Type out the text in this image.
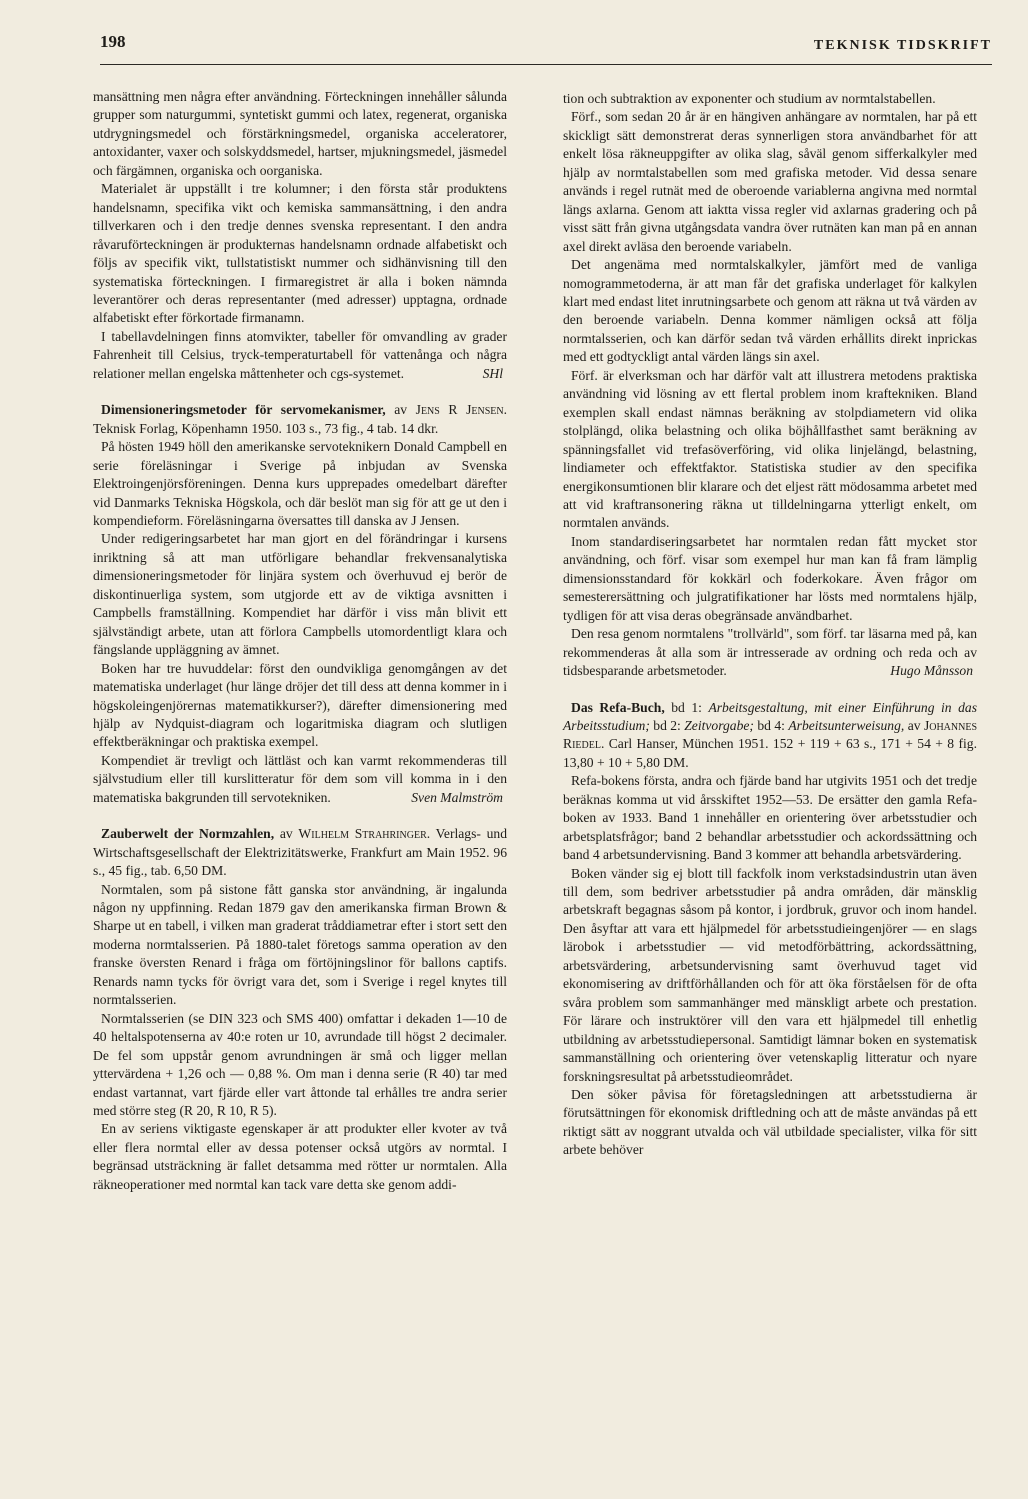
198	TEKNISK TIDSKRIFT

mansättning men några efter användning. Förteckningen innehåller sålunda grupper som naturgummi, syntetiskt gummi och latex, regenerat, organiska utdrygningsmedel och förstärkningsmedel, organiska acceleratorer, antoxidanter, vaxer och solskyddsmedel, hartser, mjukningsmedel, jäsmedel och färgämnen, organiska och oorganiska.

Materialet är uppställt i tre kolumner; i den första står produktens handelsnamn, specifika vikt och kemiska sammansättning, i den andra tillverkaren och i den tredje dennes svenska representant. I den andra råvaruförteckningen är produkternas handelsnamn ordnade alfabetiskt och följs av specifik vikt, tullstatistiskt nummer och sidhänvisning till den systematiska förteckningen. I firmaregistret är alla i boken nämnda leverantörer och deras representanter (med adresser) upptagna, ordnade alfabetiskt efter förkortade firmanamn.

I tabellavdelningen finns atomvikter, tabeller för omvandling av grader Fahrenheit till Celsius, tryck-temperaturtabell för vattenånga och några relationer mellan engelska måttenheter och cgs-systemet.	SHl

Dimensioneringsmetoder för servomekanismer, av Jens R Jensen. Teknisk Forlag, Köpenhamn 1950. 103 s., 73 fig., 4 tab. 14 dkr.

På hösten 1949 höll den amerikanske servoteknikern Donald Campbell en serie föreläsningar i Sverige på inbjudan av Svenska Elektroingenjörsföreningen. Denna kurs upprepades omedelbart därefter vid Danmarks Tekniska Högskola, och där beslöt man sig för att ge ut den i kompendieform. Föreläsningarna översattes till danska av J Jensen.

Under redigeringsarbetet har man gjort en del förändringar i kursens inriktning så att man utförligare behandlar frekvensanalytiska dimensioneringsmetoder för linjära system och överhuvud ej berör de diskontinuerliga system, som utgjorde ett av de viktiga avsnitten i Campbells framställning. Kompendiet har därför i viss mån blivit ett självständigt arbete, utan att förlora Campbells utomordentligt klara och fängslande uppläggning av ämnet.

Boken har tre huvuddelar: först den oundvikliga genomgången av det matematiska underlaget (hur länge dröjer det till dess att denna kommer in i högskoleingenjörernas matematikkurser?), därefter dimensionering med hjälp av Nydquist-diagram och logaritmiska diagram och slutligen effektberäkningar och praktiska exempel.

Kompendiet är trevligt och lättläst och kan varmt rekommenderas till självstudium eller till kurslitteratur för dem som vill komma in i den matematiska bakgrunden till servotekniken.	Sven Malmström

Zauberwelt der Normzahlen, av Wilhelm Strahringer. Verlags- und Wirtschaftsgesellschaft der Elektrizitätswerke, Frankfurt am Main 1952. 96 s., 45 fig., tab. 6,50 DM.

Normtalen, som på sistone fått ganska stor användning, är ingalunda någon ny uppfinning. Redan 1879 gav den amerikanska firman Brown & Sharpe ut en tabell, i vilken man graderat tråddiametrar efter i stort sett den moderna normtalsserien. På 1880-talet företogs samma operation av den franske översten Renard i fråga om förtöjningslinor för ballons captifs. Renards namn tycks för övrigt vara det, som i Sverige i regel knytes till normtalsserien.

Normtalsserien (se DIN 323 och SMS 400) omfattar i dekaden 1—10 de 40 heltalspotenserna av 40:e roten ur 10, avrundade till högst 2 decimaler. De fel som uppstår genom avrundningen är små och ligger mellan yttervärdena + 1,26 och — 0,88 %. Om man i denna serie (R 40) tar med endast vartannat, vart fjärde eller vart åttonde tal erhålles tre andra serier med större steg (R 20, R 10, R 5).

En av seriens viktigaste egenskaper är att produkter eller kvoter av två eller flera normtal eller av dessa potenser också utgörs av normtal. I begränsad utsträckning är fallet detsamma med rötter ur normtalen. Alla räkneoperationer med normtal kan tack vare detta ske genom addi-

tion och subtraktion av exponenter och studium av normtalstabellen.

Förf., som sedan 20 år är en hängiven anhängare av normtalen, har på ett skickligt sätt demonstrerat deras synnerligen stora användbarhet för att enkelt lösa räkneuppgifter av olika slag, såväl genom sifferkalkyler med hjälp av normtalstabellen som med grafiska metoder. Vid dessa senare används i regel rutnät med de oberoende variablerna angivna med normtal längs axlarna. Genom att iaktta vissa regler vid axlarnas gradering och på visst sätt från givna utgångsdata vandra över rutnäten kan man på en annan axel direkt avläsa den beroende variabeln.

Det angenäma med normtalskalkyler, jämfört med de vanliga nomogrammetoderna, är att man får det grafiska underlaget för kalkylen klart med endast litet inrutningsarbete och genom att räkna ut två värden av den beroende variabeln. Denna kommer nämligen också att följa normtalsserien, och kan därför sedan två värden erhållits direkt inprickas med ett godtyckligt antal värden längs sin axel.

Förf. är elverksman och har därför valt att illustrera metodens praktiska användning vid lösning av ett flertal problem inom kraftekniken. Bland exemplen skall endast nämnas beräkning av stolpdiametern vid olika stolplängd, olika belastning och olika böjhållfasthet samt beräkning av spänningsfallet vid trefasöverföring, vid olika linjelängd, belastning, lindiameter och effektfaktor. Statistiska studier av den specifika energikonsumtionen blir klarare och det eljest rätt mödosamma arbetet med att vid kraftransonering räkna ut tilldelningarna ytterligt enkelt, om normtalen används.

Inom standardiseringsarbetet har normtalen redan fått mycket stor användning, och förf. visar som exempel hur man kan få fram lämplig dimensionsstandard för kokkärl och foderkokare. Även frågor om semesterersättning och julgratifikationer har lösts med normtalens hjälp, tydligen för att visa deras obegränsade användbarhet.

Den resa genom normtalens "trollvärld", som förf. tar läsarna med på, kan rekommenderas åt alla som är intresserade av ordning och reda och av tidsbesparande arbetsmetoder.	Hugo Månsson

Das Refa-Buch, bd 1: Arbeitsgestaltung, mit einer Einführung in das Arbeitsstudium; bd 2: Zeitvorgabe; bd 4: Arbeitsunterweisung, av Johannes Riedel. Carl Hanser, München 1951. 152 + 119 + 63 s., 171 + 54 + 8 fig. 13,80 + 10 + 5,80 DM.

Refa-bokens första, andra och fjärde band har utgivits 1951 och det tredje beräknas komma ut vid årsskiftet 1952—53. De ersätter den gamla Refa-boken av 1933. Band 1 innehåller en orientering över arbetsstudier och arbetsplatsfrågor; band 2 behandlar arbetsstudier och ackordssättning och band 4 arbetsundervisning. Band 3 kommer att behandla arbetsvärdering.

Boken vänder sig ej blott till fackfolk inom verkstadsindustrin utan även till dem, som bedriver arbetsstudier på andra områden, där mänsklig arbetskraft begagnas såsom på kontor, i jordbruk, gruvor och inom handel. Den åsyftar att vara ett hjälpmedel för arbetsstudieingenjörer — en slags lärobok i arbetsstudier — vid metodförbättring, ackordssättning, arbetsvärdering, arbetsundervisning samt överhuvud taget vid ekonomisering av driftförhållanden och för att öka förståelsen för de ofta svåra problem som sammanhänger med mänskligt arbete och prestation. För lärare och instruktörer vill den vara ett hjälpmedel till enhetlig utbildning av arbetsstudiepersonal. Samtidigt lämnar boken en systematisk sammanställning och orientering över vetenskaplig litteratur och nyare forskningsresultat på arbetsstudieområdet.

Den söker påvisa för företagsledningen att arbetsstudierna är förutsättningen för ekonomisk driftledning och att de måste användas på ett riktigt sätt av noggrant utvalda och väl utbildade specialister, vilka för sitt arbete behöver
